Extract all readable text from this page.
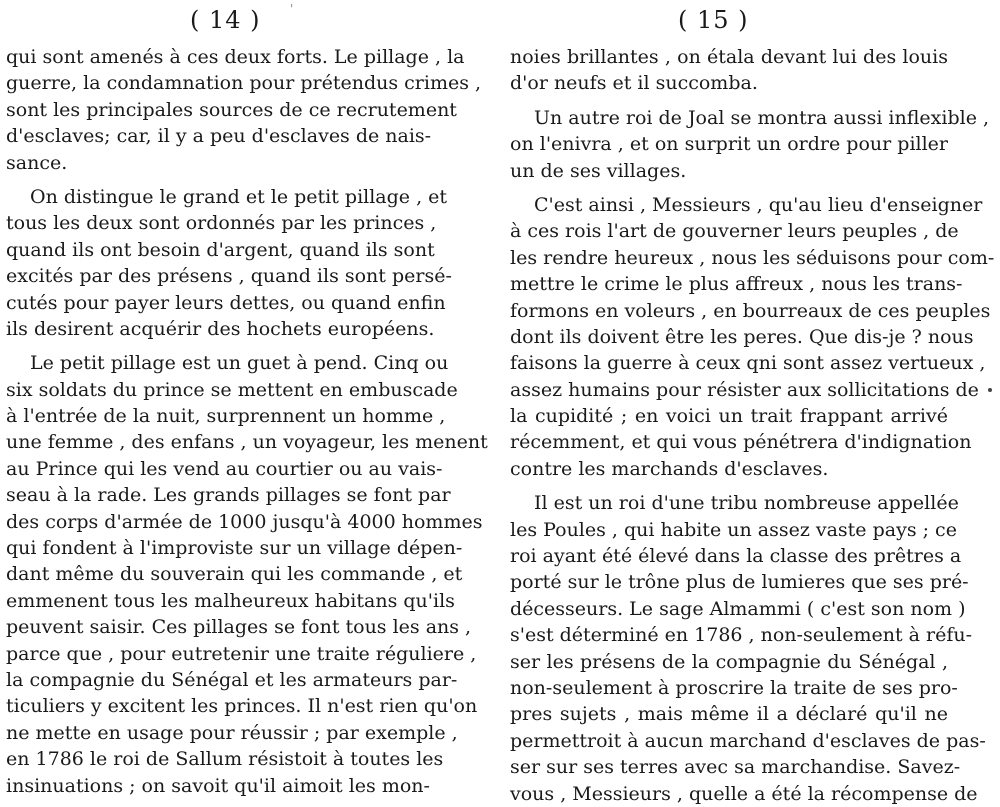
'
( 14 )
qui sont amenés à ces deux forts. Le pillage , la
guerre, la condamnation pour prétendus crimes ,
sont les principales sources de ce recrutement
d'esclaves; car, il y a peu d'esclaves de nais-
sance.
On distingue le grand et le petit pillage , et
tous les deux sont ordonnés par les princes ,
quand ils ont besoin d'argent, quand ils sont
excités par des présens , quand ils sont persé-
cutés pour payer leurs dettes, ou quand enfin
ils desirent acquérir des hochets européens.
Le petit pillage est un guet à pend. Cinq ou
six soldats du prince se mettent en embuscade
à l'entrée de la nuit, surprennent un homme ,
une femme , des enfans , un voyageur, les menent
au Prince qui les vend au courtier ou au vais-
seau à la rade. Les grands pillages se font par
des corps d'armée de 1000 jusqu'à 4000 hommes
qui fondent à l'improviste sur un village dépen-
dant même du souverain qui les commande , et
emmenent tous les malheureux habitans qu'ils
peuvent saisir. Ces pillages se font tous les ans ,
parce que , pour eutretenir une traite réguliere ,
la compagnie du Sénégal et les armateurs par-
ticuliers y excitent les princes. Il n'est rien qu'on
ne mette en usage pour réussir ; par exemple ,
en 1786 le roi de Sallum résistoit à toutes les
insinuations ; on savoit qu'il aimoit les mon-
( 15 )
noies brillantes , on étala devant lui des louis
d'or neufs et il succomba.
Un autre roi de Joal se montra aussi inflexible ,
on l'enivra , et on surprit un ordre pour piller
un de ses villages.
C'est ainsi , Messieurs , qu'au lieu d'enseigner
à ces rois l'art de gouverner leurs peuples , de
les rendre heureux , nous les séduisons pour com-
mettre le crime le plus affreux , nous les trans-
formons en voleurs , en bourreaux de ces peuples
dont ils doivent être les peres. Que dis-je ? nous
faisons la guerre à ceux qni sont assez vertueux ,
assez humains pour résister aux sollicitations de
la cupidité ; en voici un trait frappant arrivé
récemment, et qui vous pénétrera d'indignation
contre les marchands d'esclaves.
Il est un roi d'une tribu nombreuse appellée
les Poules , qui habite un assez vaste pays ; ce
roi ayant été élevé dans la classe des prêtres a
porté sur le trône plus de lumieres que ses pré-
décesseurs. Le sage Almammi ( c'est son nom )
s'est déterminé en 1786 , non-seulement à réfu-
ser les présens de la compagnie du Sénégal ,
non-seulement à proscrire la traite de ses pro-
pres sujets , mais même il a déclaré qu'il ne
permettroit à aucun marchand d'esclaves de pas-
ser sur ses terres avec sa marchandise. Savez-
vous , Messieurs , quelle a été la récompense de
